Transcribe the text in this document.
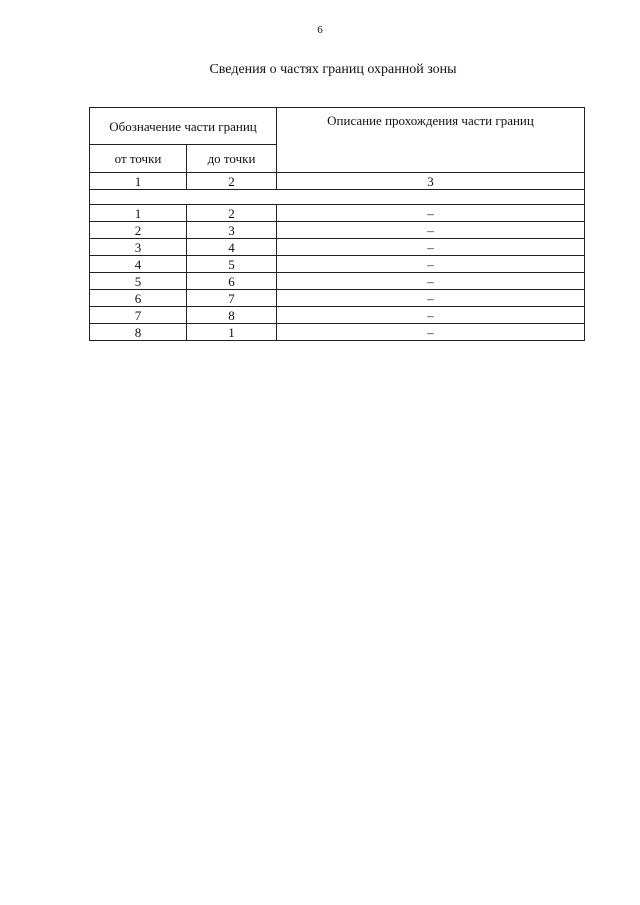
6
Сведения о частях границ охранной зоны
Обозначение части границ		Описание прохождения части границ
от точки	до точки	
1	2	3

1	2	–
2	3	–
3	4	–
4	5	–
5	6	–
6	7	–
7	8	–
8	1	–
